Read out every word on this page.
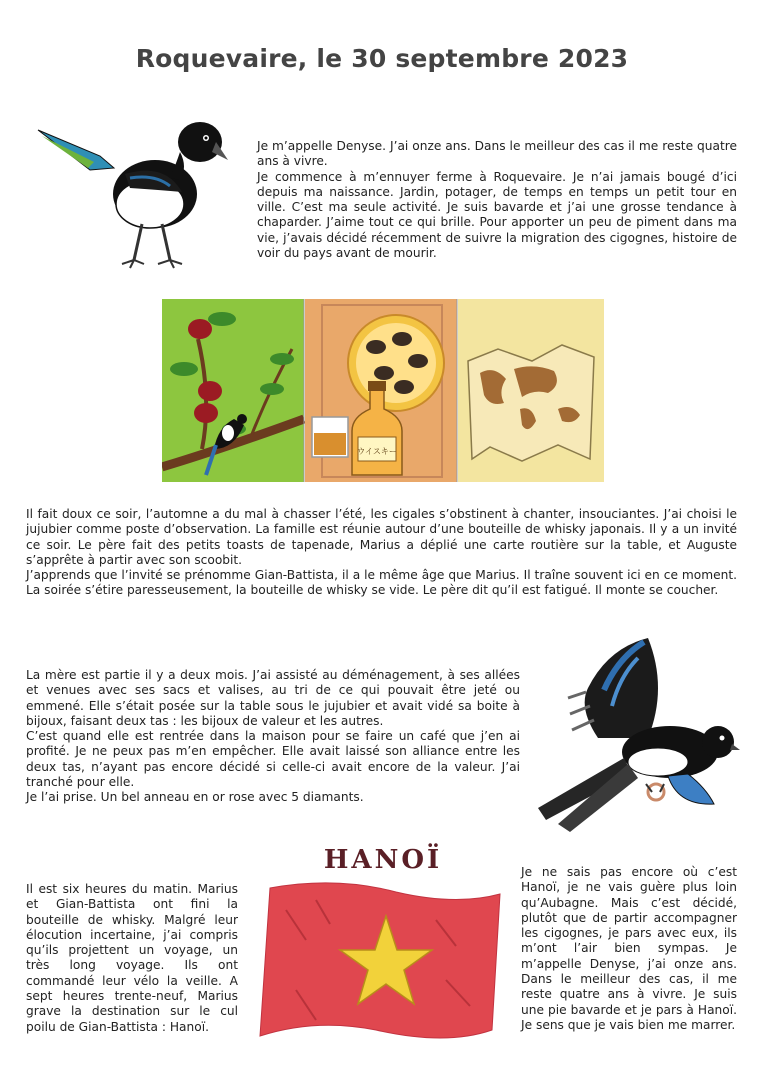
Roquevaire, le 30 septembre 2023

Je m’appelle Denyse. J’ai onze ans. Dans le meilleur des cas il me reste quatre ans à vivre.

Je commence à m’ennuyer ferme à Roquevaire. Je n’ai jamais bougé d’ici depuis ma naissance. Jardin, potager, de temps en temps un petit tour en ville. C’est ma seule activité. Je suis bavarde et j’ai une grosse tendance à chaparder. J’aime tout ce qui brille. Pour apporter un peu de piment dans ma vie, j’avais décidé récemment de suivre la migration des cigognes, histoire de voir du pays avant de mourir.

ウイスキー

Il fait doux ce soir, l’automne a du mal à chasser l’été, les cigales s’obstinent à chanter, insouciantes. J’ai choisi le jujubier comme poste d’observation. La famille est réunie autour d’une bouteille de whisky japonais. Il y a un invité ce soir. Le père fait des petits toasts de tapenade, Marius a déplié une carte routière sur la table, et Auguste s’apprête à partir avec son scoobit.

J’apprends que l’invité se prénomme Gian-Battista, il a le même âge que Marius. Il traîne souvent ici en ce moment. La soirée s’étire paresseusement, la bouteille de whisky se vide. Le père dit qu’il est fatigué. Il monte se coucher.

La mère est partie il y a deux mois. J’ai assisté au déménagement, à ses allées et venues avec ses sacs et valises, au tri de ce qui pouvait être jeté ou emmené. Elle s’était posée sur la table sous le jujubier et avait vidé sa boite à bijoux, faisant deux tas : les bijoux de valeur et les autres.

C’est quand elle est rentrée dans la maison pour se faire un café que j’en ai profité. Je ne peux pas m’en empêcher. Elle avait laissé son alliance entre les deux tas, n’ayant pas encore décidé si celle-ci avait encore de la valeur. J’ai tranché pour elle.

Je l’ai prise. Un bel anneau en or rose avec 5 diamants.

Il est six heures du matin. Marius et Gian-Battista ont fini la bouteille de whisky. Malgré leur élocution incertaine, j’ai compris qu’ils projettent un voyage, un très long voyage. Ils ont commandé leur vélo la veille. A sept heures trente-neuf, Marius grave la destination sur le cul poilu de Gian-Battista : Hanoï.
HANOÏ	Je ne sais pas encore où c’est Hanoï, je ne vais guère plus loin qu’Aubagne. Mais c’est décidé, plutôt que de partir accompagner les cigognes, je pars avec eux, ils m’ont l’air bien sympas. Je m’appelle Denyse, j’ai onze ans. Dans le meilleur des cas, il me reste quatre ans à vivre. Je suis une pie bavarde et je pars à Hanoï. Je sens que je vais bien me marrer.
